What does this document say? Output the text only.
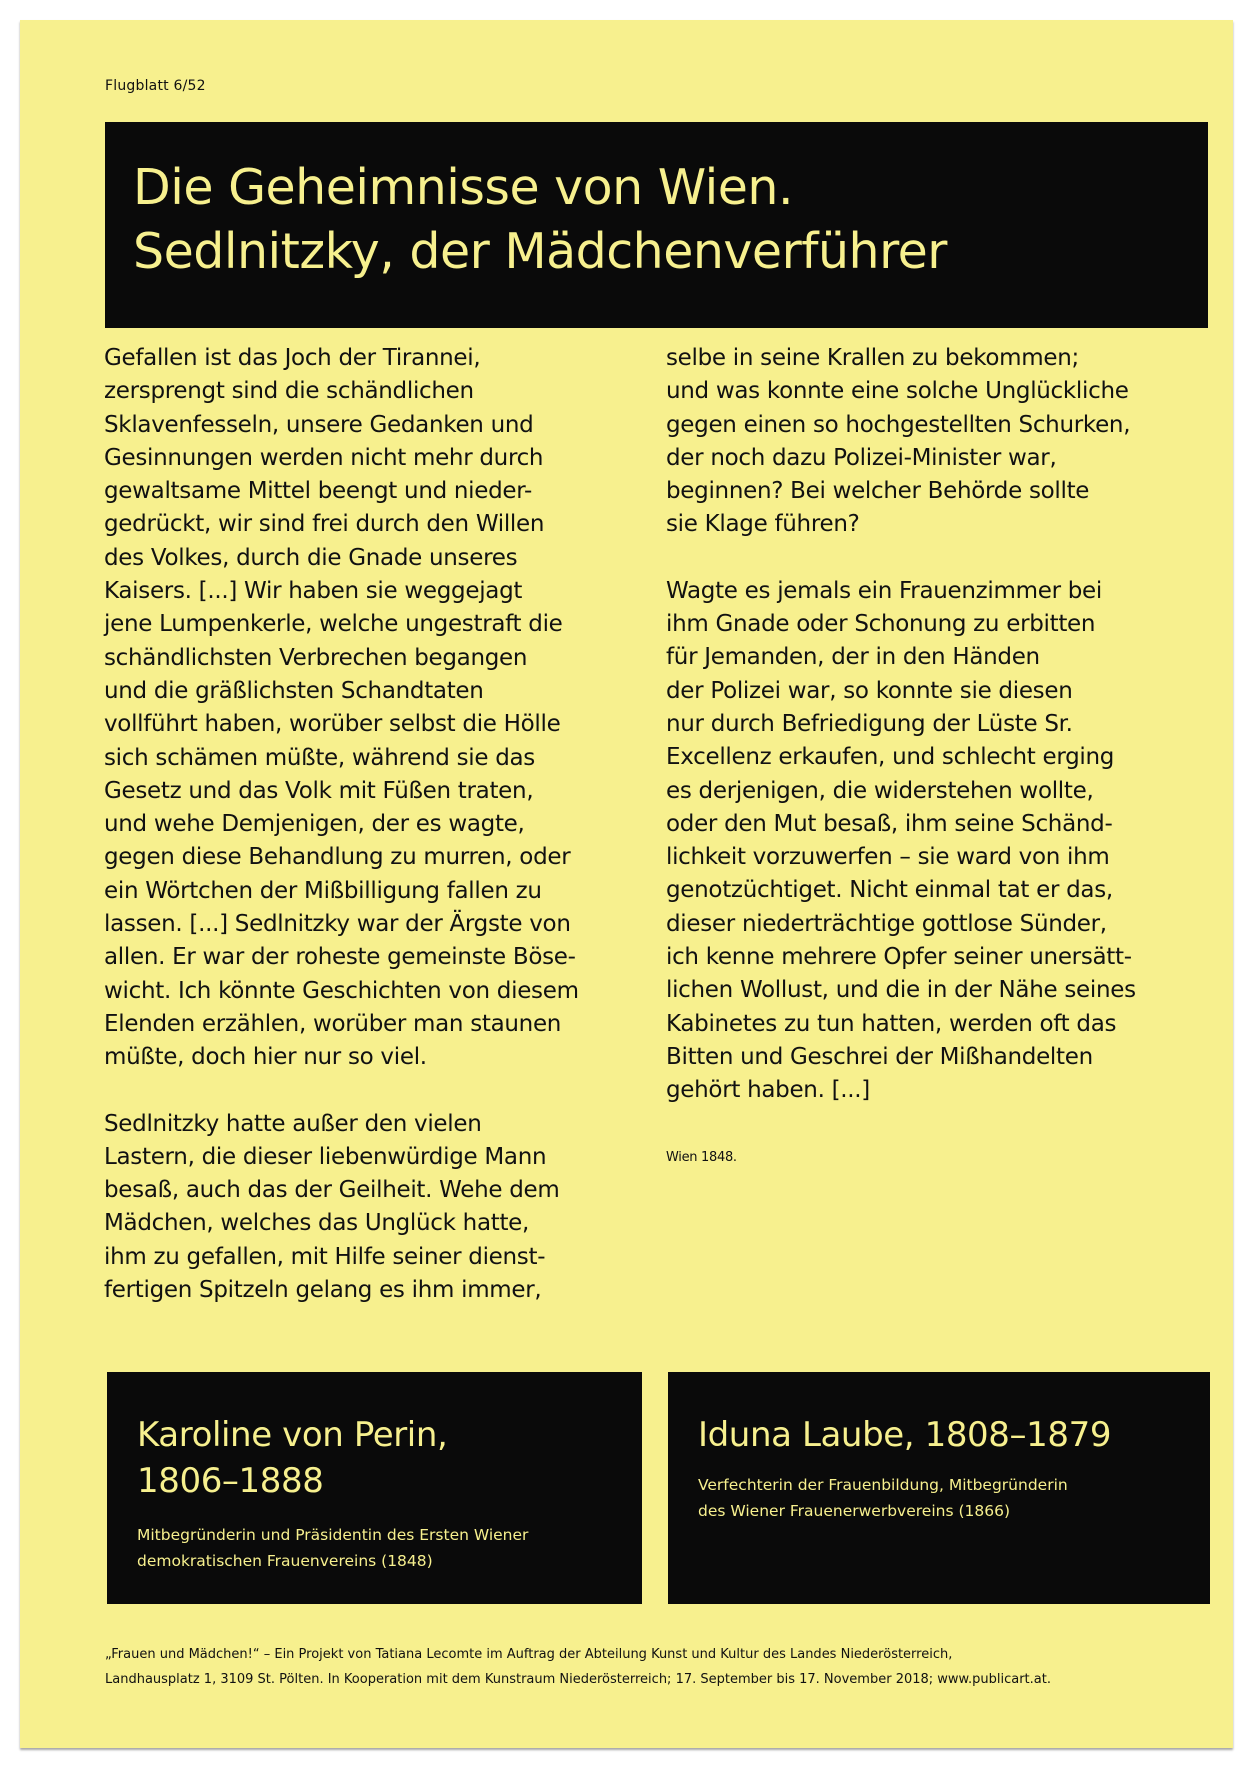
Flugblatt 6/52
Die Geheimnisse von Wien.
Sedlnitzky, der Mädchenverführer

Gefallen ist das Joch der Tirannei,

zersprengt sind die schändlichen

Sklavenfesseln, unsere Gedanken und

Gesinnungen werden nicht mehr durch

gewaltsame Mittel beengt und nieder-

gedrückt, wir sind frei durch den Willen

des Volkes, durch die Gnade unseres

Kaisers. [...] Wir haben sie weggejagt

jene Lumpenkerle, welche ungestraft die

schändlichsten Verbrechen begangen

und die gräßlichsten Schandtaten

vollführt haben, worüber selbst die Hölle

sich schämen müßte, während sie das

Gesetz und das Volk mit Füßen traten,

und wehe Demjenigen, der es wagte,

gegen diese Behandlung zu murren, oder

ein Wörtchen der Mißbilligung fallen zu

lassen. [...] Sedlnitzky war der Ärgste von

allen. Er war der roheste gemeinste Böse-

wicht. Ich könnte Geschichten von diesem

Elenden erzählen, worüber man staunen

müßte, doch hier nur so viel.

Sedlnitzky hatte außer den vielen

Lastern, die dieser liebenwürdige Mann

besaß, auch das der Geilheit. Wehe dem

Mädchen, welches das Unglück hatte,

ihm zu gefallen, mit Hilfe seiner dienst-

fertigen Spitzeln gelang es ihm immer,

selbe in seine Krallen zu bekommen;

und was konnte eine solche Unglückliche

gegen einen so hochgestellten Schurken,

der noch dazu Polizei-Minister war,

beginnen? Bei welcher Behörde sollte

sie Klage führen?

Wagte es jemals ein Frauenzimmer bei

ihm Gnade oder Schonung zu erbitten

für Jemanden, der in den Händen

der Polizei war, so konnte sie diesen

nur durch Befriedigung der Lüste Sr.

Excellenz erkaufen, und schlecht erging

es derjenigen, die widerstehen wollte,

oder den Mut besaß, ihm seine Schänd-

lichkeit vorzuwerfen – sie ward von ihm

genotzüchtiget. Nicht einmal tat er das,

dieser niederträchtige gottlose Sünder,

ich kenne mehrere Opfer seiner unersätt-

lichen Wollust, und die in der Nähe seines

Kabinetes zu tun hatten, werden oft das

Bitten und Geschrei der Mißhandelten

gehört haben. [...]

Wien 1848.

Karoline von Perin,

1806–1888

Mitbegründerin und Präsidentin des Ersten Wiener

demokratischen Frauenvereins (1848)

Iduna Laube, 1808–1879

Verfechterin der Frauenbildung, Mitbegründerin

des Wiener Frauenerwerbvereins (1866)

„Frauen und Mädchen!“ – Ein Projekt von Tatiana Lecomte im Auftrag der Abteilung Kunst und Kultur des Landes Niederösterreich,

Landhausplatz 1, 3109 St. Pölten. In Kooperation mit dem Kunstraum Niederösterreich; 17. September bis 17. November 2018; www.publicart.at.
